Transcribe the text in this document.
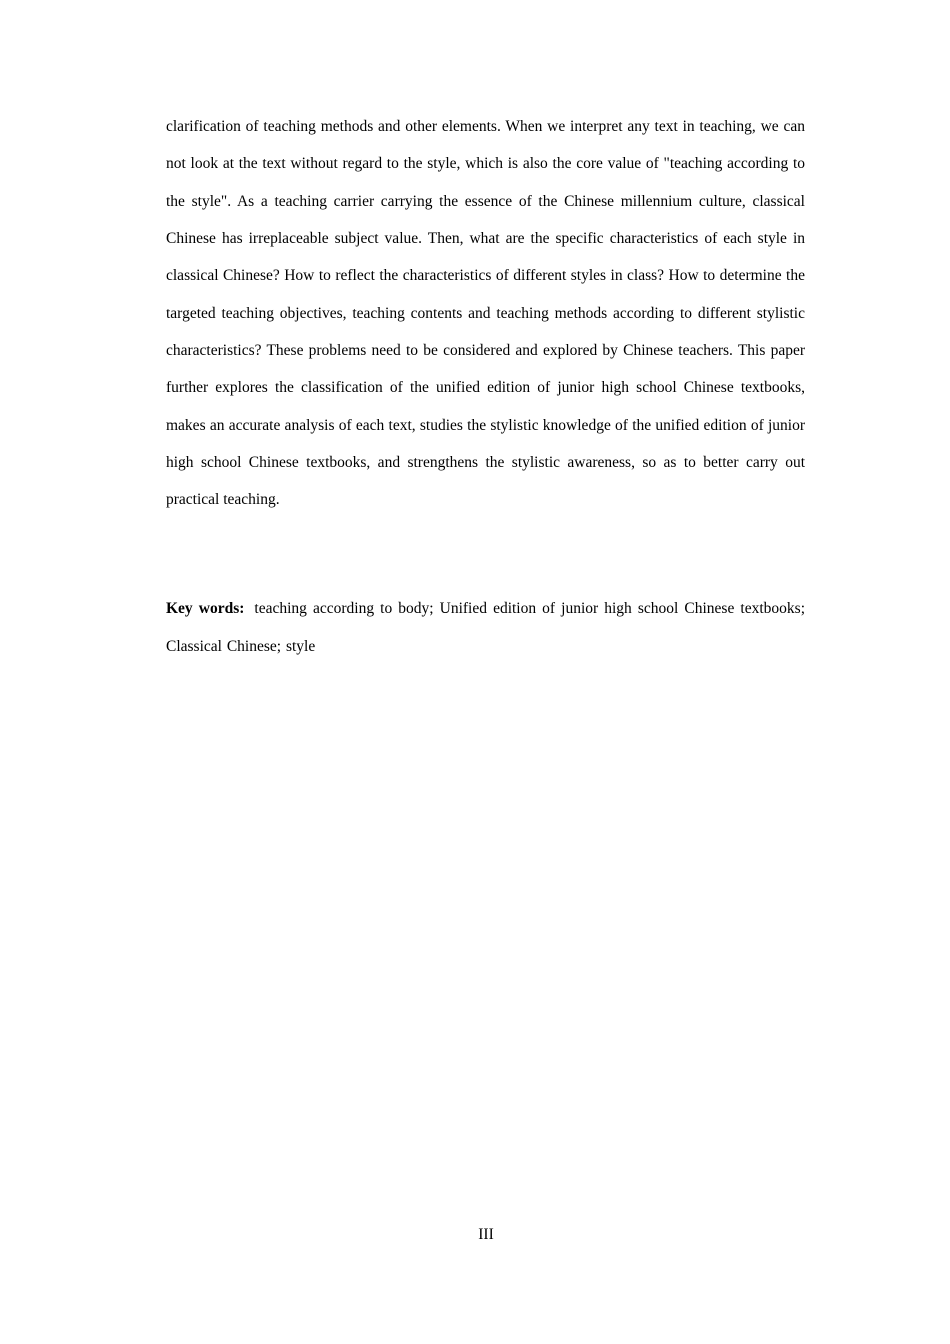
clarification of teaching methods and other elements. When we interpret any text in teaching, we can not look at the text without regard to the style, which is also the core value of "teaching according to the style". As a teaching carrier carrying the essence of the Chinese millennium culture, classical Chinese has irreplaceable subject value. Then, what are the specific characteristics of each style in classical Chinese? How to reflect the characteristics of different styles in class? How to determine the targeted teaching objectives, teaching contents and teaching methods according to different stylistic characteristics? These problems need to be considered and explored by Chinese teachers. This paper further explores the classification of the unified edition of junior high school Chinese textbooks, makes an accurate analysis of each text, studies the stylistic knowledge of the unified edition of junior high school Chinese textbooks, and strengthens the stylistic awareness, so as to better carry out practical teaching.

Key words: teaching according to body; Unified edition of junior high school Chinese textbooks; Classical Chinese; style

III
